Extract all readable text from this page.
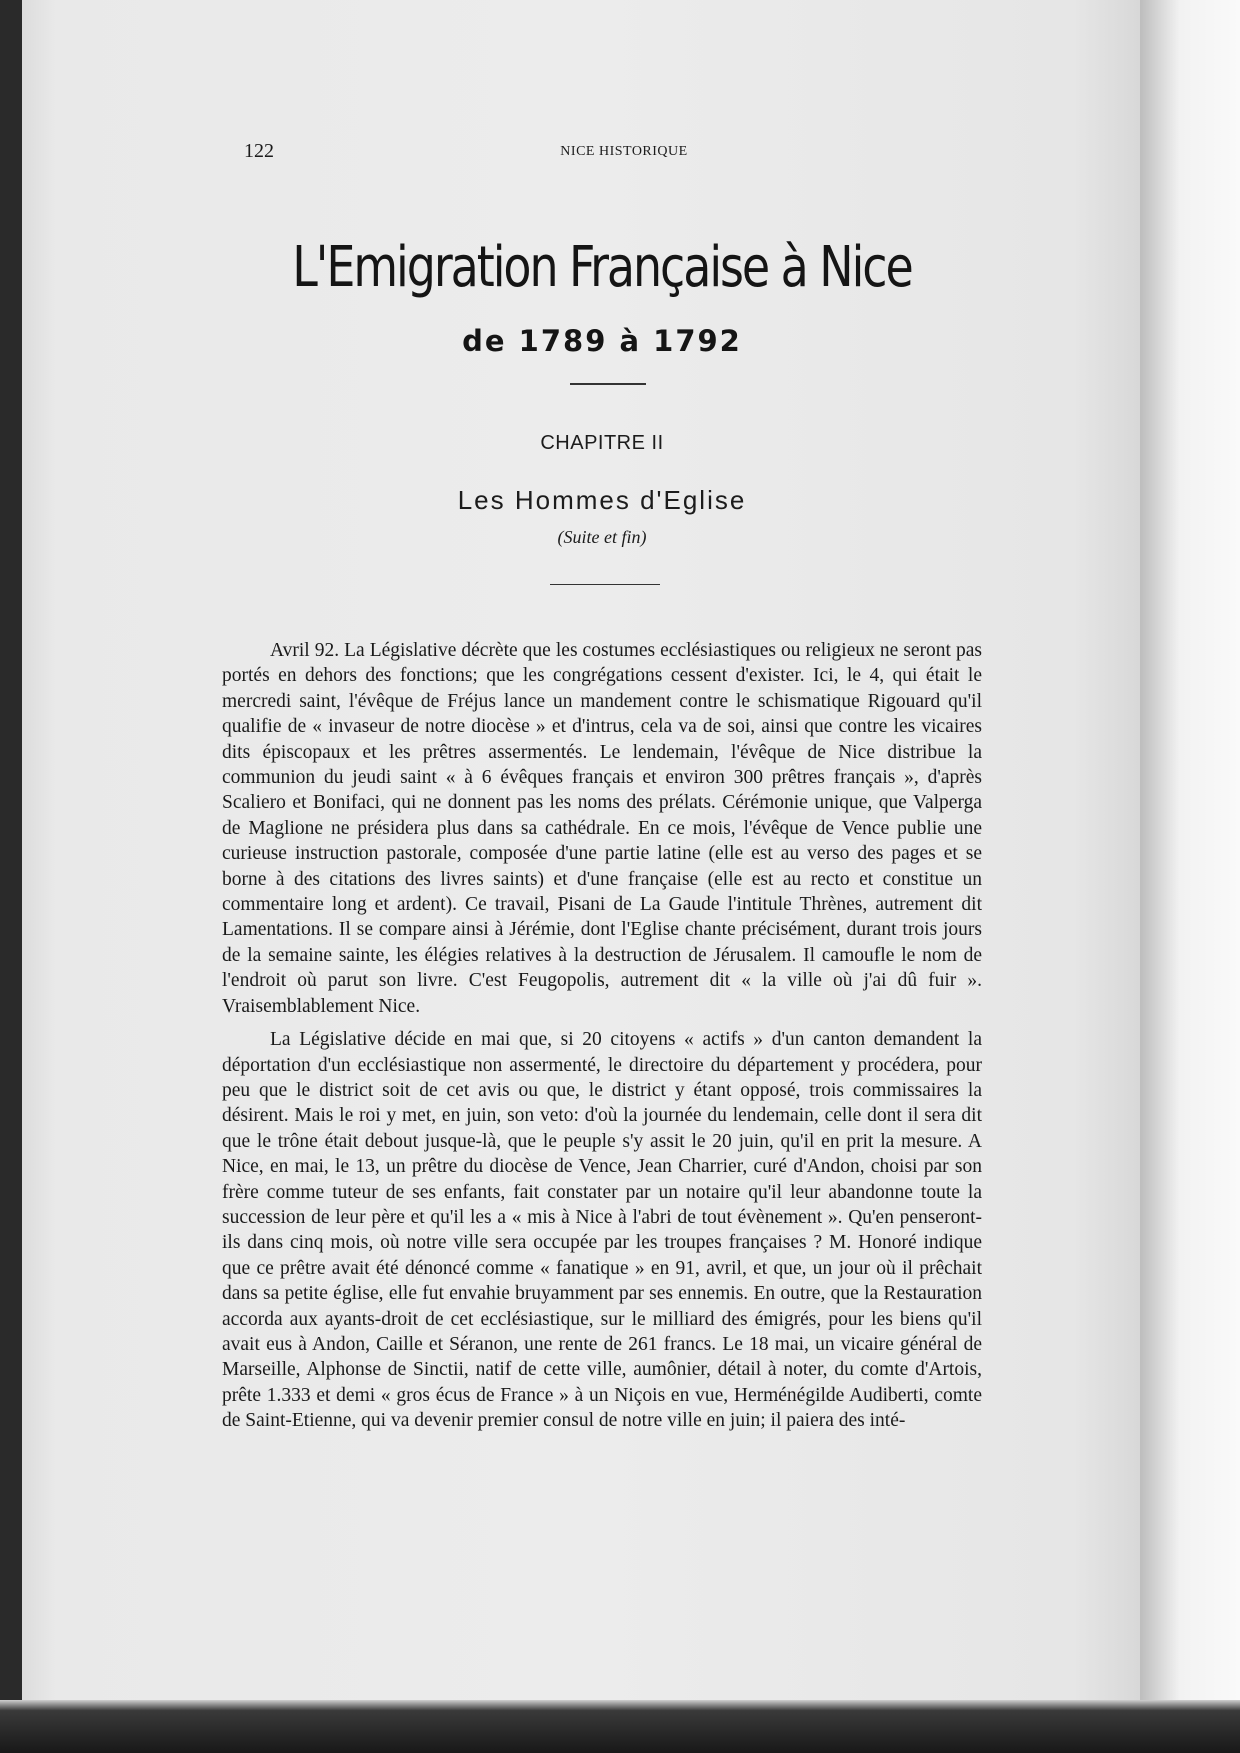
122	NICE HISTORIQUE
L'Emigration Française à Nice
de 1789 à 1792
CHAPITRE II
Les Hommes d'Eglise
(Suite et fin)

Avril 92. La Législative décrète que les costumes ecclésiastiques ou religieux ne seront pas portés en dehors des fonctions; que les congrégations cessent d'exister. Ici, le 4, qui était le mercredi saint, l'évêque de Fréjus lance un mandement contre le schismatique Rigouard qu'il qualifie de « invaseur de notre diocèse » et d'intrus, cela va de soi, ainsi que contre les vicaires dits épiscopaux et les prêtres assermentés. Le lendemain, l'évêque de Nice distribue la communion du jeudi saint « à 6 évêques français et environ 300 prêtres français », d'après Scaliero et Bonifaci, qui ne donnent pas les noms des prélats. Cérémonie unique, que Valperga de Maglione ne présidera plus dans sa cathédrale. En ce mois, l'évêque de Vence publie une curieuse instruction pastorale, composée d'une partie latine (elle est au verso des pages et se borne à des citations des livres saints) et d'une française (elle est au recto et constitue un commentaire long et ardent). Ce travail, Pisani de La Gaude l'intitule Thrènes, autrement dit Lamentations. Il se compare ainsi à Jérémie, dont l'Eglise chante précisément, durant trois jours de la semaine sainte, les élégies relatives à la destruction de Jérusalem. Il camoufle le nom de l'endroit où parut son livre. C'est Feugopolis, autrement dit « la ville où j'ai dû fuir ». Vraisemblablement Nice.

La Législative décide en mai que, si 20 citoyens « actifs » d'un canton demandent la déportation d'un ecclésiastique non assermenté, le directoire du département y procédera, pour peu que le district soit de cet avis ou que, le district y étant opposé, trois commissaires la désirent. Mais le roi y met, en juin, son veto: d'où la journée du lendemain, celle dont il sera dit que le trône était debout jusque-là, que le peuple s'y assit le 20 juin, qu'il en prit la mesure. A Nice, en mai, le 13, un prêtre du diocèse de Vence, Jean Charrier, curé d'Andon, choisi par son frère comme tuteur de ses enfants, fait constater par un notaire qu'il leur abandonne toute la succession de leur père et qu'il les a « mis à Nice à l'abri de tout évènement ». Qu'en penseront-ils dans cinq mois, où notre ville sera occupée par les troupes françaises ? M. Honoré indique que ce prêtre avait été dénoncé comme « fanatique » en 91, avril, et que, un jour où il prêchait dans sa petite église, elle fut envahie bruyamment par ses ennemis. En outre, que la Restauration accorda aux ayants-droit de cet ecclésiastique, sur le milliard des émigrés, pour les biens qu'il avait eus à Andon, Caille et Séranon, une rente de 261 francs. Le 18 mai, un vicaire général de Marseille, Alphonse de Sinctii, natif de cette ville, aumônier, détail à noter, du comte d'Artois, prête 1.333 et demi « gros écus de France » à un Niçois en vue, Herménégilde Audiberti, comte de Saint-Etienne, qui va devenir premier consul de notre ville en juin; il paiera des inté-
